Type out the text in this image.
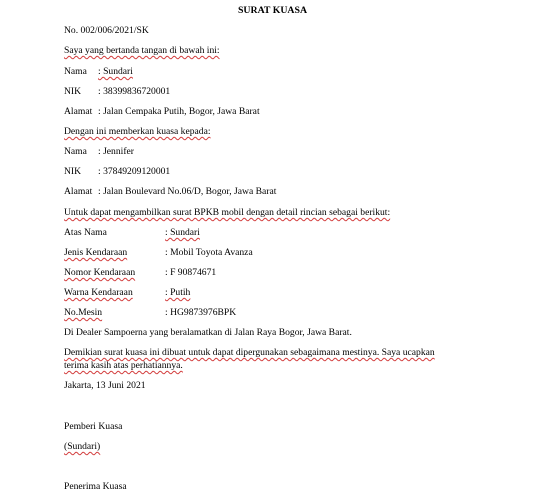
SURAT KUASA
No. 002/006/2021/SK
Saya yang bertanda tangan di bawah ini:
Nama : Sundari
NIK : 38399836720001
Alamat : Jalan Cempaka Putih, Bogor, Jawa Barat
Dengan ini memberkan kuasa kepada:
Nama : Jennifer
NIK : 37849209120001
Alamat : Jalan Boulevard No.06/D, Bogor, Jawa Barat
Untuk dapat mengambilkan surat BPKB mobil dengan detail rincian sebagai berikut:
Atas Nama	: Sundari
Jenis Kendaraan	: Mobil Toyota Avanza
Nomor Kendaraan	: F 90874671
Warna Kendaraan	: Putih
No.Mesin	: HG9873976BPK
Di Dealer Sampoerna yang beralamatkan di Jalan Raya Bogor, Jawa Barat.
Demikian surat kuasa ini dibuat untuk dapat dipergunakan sebagaimana mestinya. Saya ucapkan
terima kasih atas perhatiannya.
Jakarta, 13 Juni 2021
Pemberi Kuasa
(Sundari)
Penerima Kuasa
